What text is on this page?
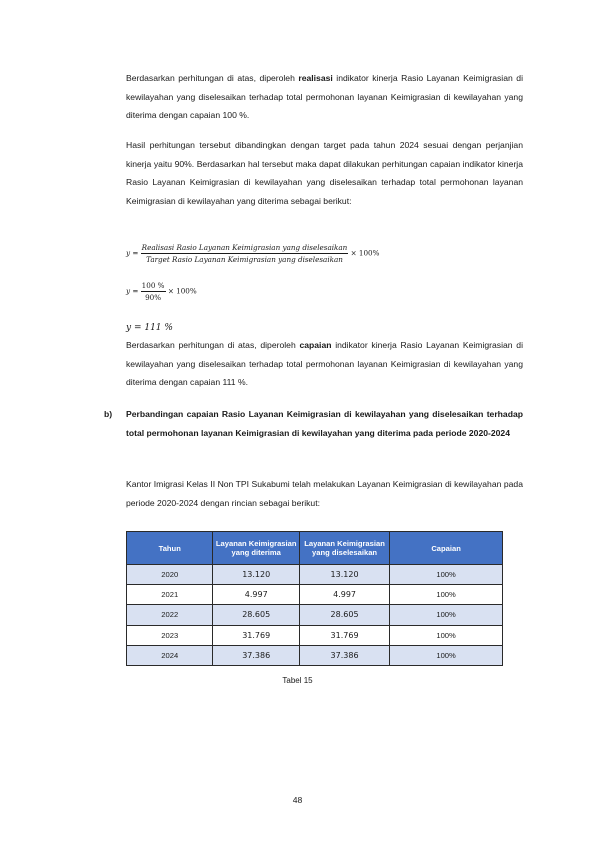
Berdasarkan perhitungan di atas, diperoleh realisasi indikator kinerja Rasio Layanan Keimigrasian di kewilayahan yang diselesaikan terhadap total permohonan layanan Keimigrasian di kewilayahan yang diterima dengan capaian 100 %.

Hasil perhitungan tersebut dibandingkan dengan target pada tahun 2024 sesuai dengan perjanjian kinerja yaitu 90%. Berdasarkan hal tersebut maka dapat dilakukan perhitungan capaian indikator kinerja Rasio Layanan Keimigrasian di kewilayahan yang diselesaikan terhadap total permohonan layanan Keimigrasian di kewilayahan yang diterima sebagai berikut:

$y = \frac{\text{Realisasi Rasio Layanan Keimigrasian yang diselesaikan}}{\text{Target Rasio Layanan Keimigrasian yang diselesaikan}} \times 100\%$
$y = \frac{100 \%}{90\%} \times 100\%$
y = 111 %

Berdasarkan perhitungan di atas, diperoleh capaian indikator kinerja Rasio Layanan Keimigrasian di kewilayahan yang diselesaikan terhadap total permohonan layanan Keimigrasian di kewilayahan yang diterima dengan capaian 111 %.

b) Perbandingan capaian Rasio Layanan Keimigrasian di kewilayahan yang diselesaikan terhadap total permohonan layanan Keimigrasian di kewilayahan yang diterima pada periode 2020-2024

Kantor Imigrasi Kelas II Non TPI Sukabumi telah melakukan Layanan Keimigrasian di kewilayahan pada periode 2020-2024 dengan rincian sebagai berikut:

Tahun	Layanan Keimigrasian yang diterima	Layanan Keimigrasian yang diselesaikan	Capaian
2020	13.120	13.120	100%
2021	4.997	4.997	100%
2022	28.605	28.605	100%
2023	31.769	31.769	100%
2024	37.386	37.386	100%
Tabel 15
48
